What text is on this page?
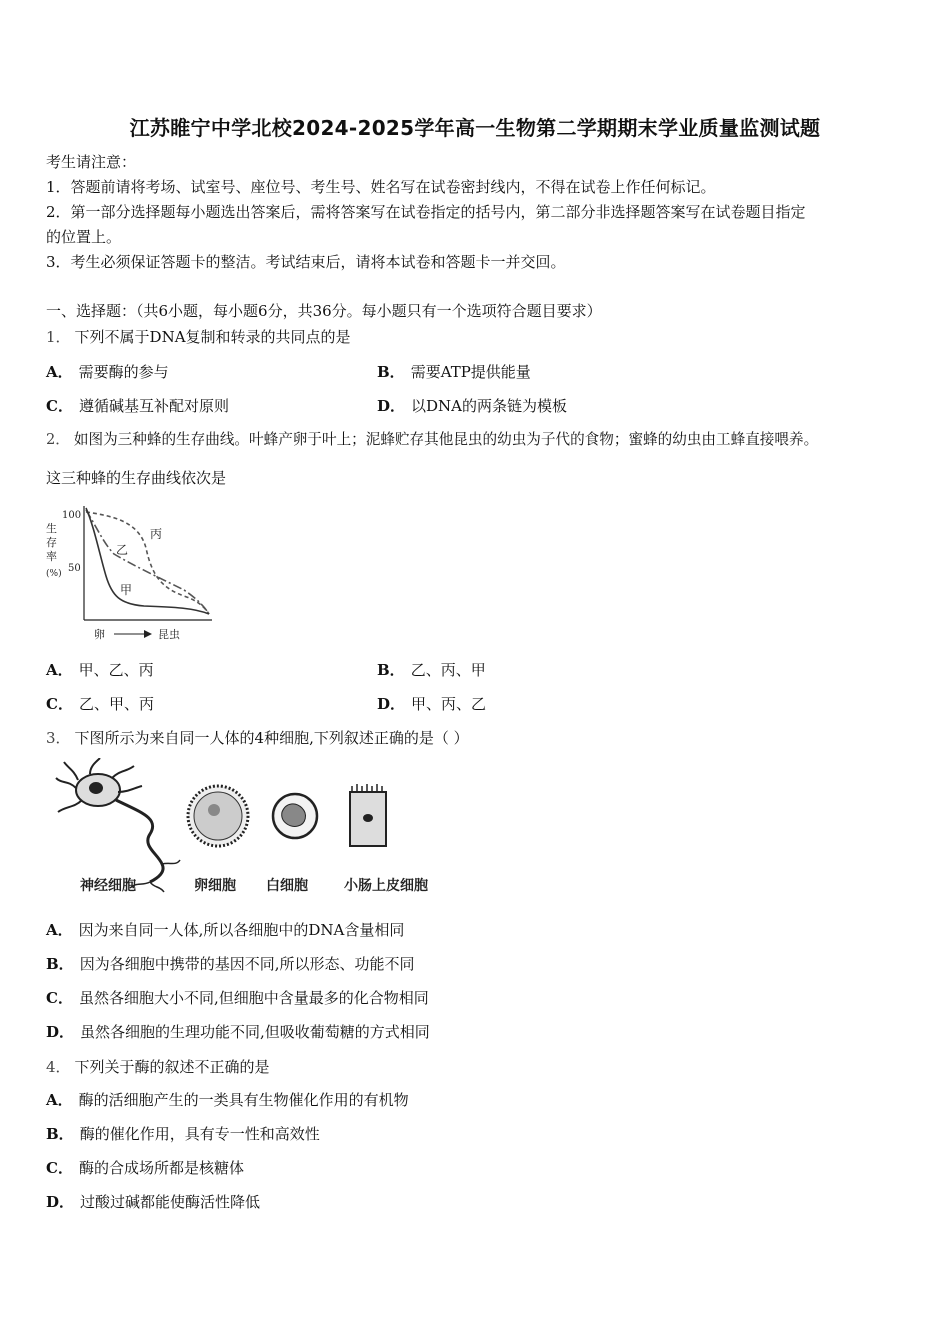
江苏睢宁中学北校2024-2025学年高一生物第二学期期末学业质量监测试题
考生请注意：
1．答题前请将考场、试室号、座位号、考生号、姓名写在试卷密封线内，不得在试卷上作任何标记。
2．第一部分选择题每小题选出答案后，需将答案写在试卷指定的括号内，第二部分非选择题答案写在试卷题目指定
的位置上。
3．考生必须保证答题卡的整洁。考试结束后，请将本试卷和答题卡一并交回。
一、选择题：（共6小题，每小题6分，共36分。每小题只有一个选项符合题目要求）
1． 下列不属于DNA复制和转录的共同点的是
A． 需要酶的参与	B． 需要ATP提供能量
C． 遵循碱基互补配对原则	D． 以DNA的两条链为模板
2． 如图为三种蜂的生存曲线。叶蜂产卵于叶上；泥蜂贮存其他昆虫的幼虫为子代的食物；蜜蜂的幼虫由工蜂直接喂养。
这三种蜂的生存曲线依次是
生
存
率
(%)
100
50
丙
乙
甲
卵	昆虫
A． 甲、乙、丙	B． 乙、丙、甲
C． 乙、甲、丙	D． 甲、丙、乙
3． 下图所示为来自同一人体的4种细胞,下列叙述正确的是（ ）
神经细胞	卵细胞 白细胞	小肠上皮细胞
A． 因为来自同一人体,所以各细胞中的DNA含量相同
B． 因为各细胞中携带的基因不同,所以形态、功能不同
C． 虽然各细胞大小不同,但细胞中含量最多的化合物相同
D． 虽然各细胞的生理功能不同,但吸收葡萄糖的方式相同
4． 下列关于酶的叙述不正确的是
A． 酶的活细胞产生的一类具有生物催化作用的有机物
B． 酶的催化作用，具有专一性和高效性
C． 酶的合成场所都是核糖体
D． 过酸过碱都能使酶活性降低
